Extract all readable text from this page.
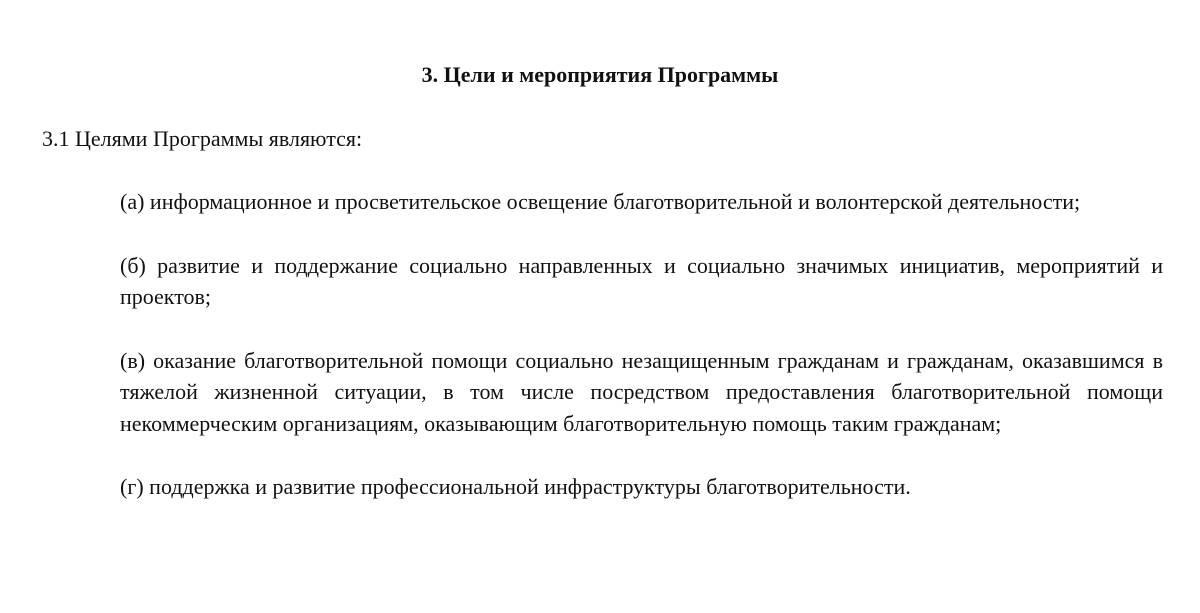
3. Цели и мероприятия Программы

3.1 Целями Программы являются:

(а) информационное и просветительское освещение благотворительной и волонтерской деятельности;
(б) развитие и поддержание социально направленных и социально значимых инициатив, мероприятий и проектов;
(в) оказание благотворительной помощи социально незащищенным гражданам и гражданам, оказавшимся в тяжелой жизненной ситуации, в том числе посредством предоставления благотворительной помощи некоммерческим организациям, оказывающим благотворительную помощь таким гражданам;
(г) поддержка и развитие профессиональной инфраструктуры благотворительности.
